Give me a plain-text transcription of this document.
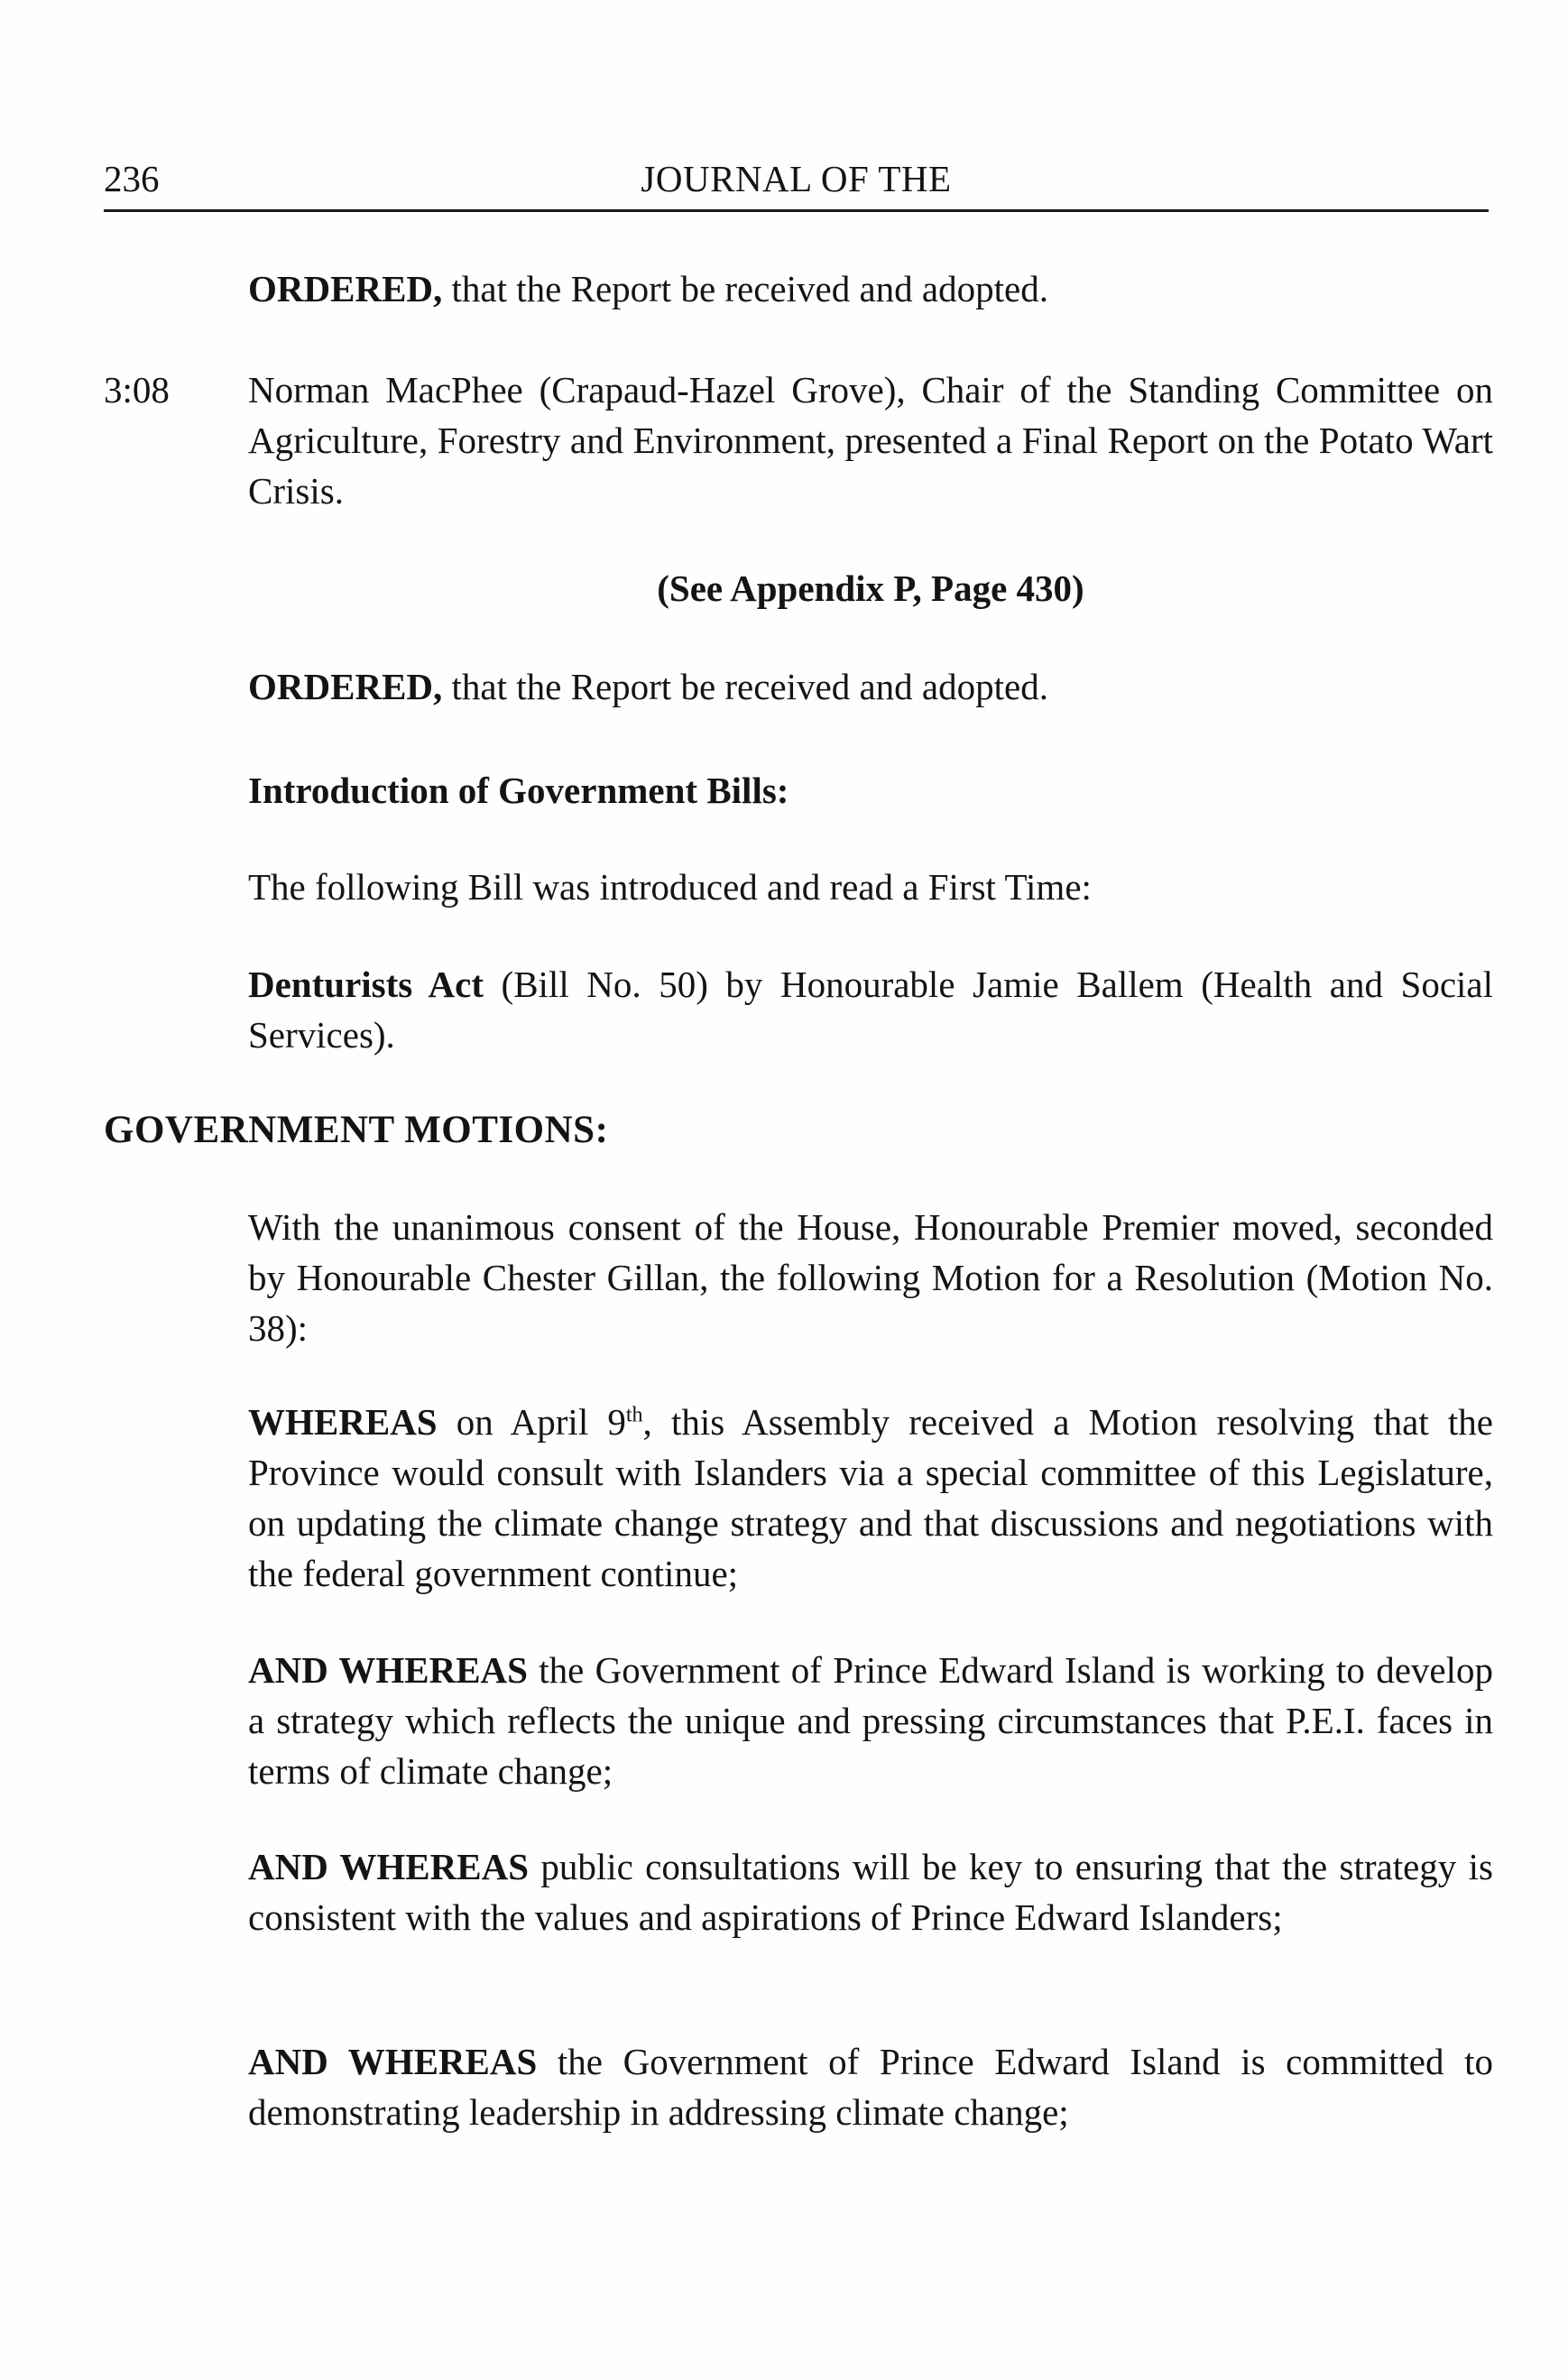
236	JOURNAL OF THE

ORDERED, that the Report be received and adopted.

3:08 Norman MacPhee (Crapaud-Hazel Grove), Chair of the Standing Committee on Agriculture, Forestry and Environment, presented a Final Report on the Potato Wart Crisis.

(See Appendix P, Page 430)

ORDERED, that the Report be received and adopted.

Introduction of Government Bills:

The following Bill was introduced and read a First Time:

Denturists Act (Bill No. 50) by Honourable Jamie Ballem (Health and Social Services).

GOVERNMENT MOTIONS:

With the unanimous consent of the House, Honourable Premier moved, seconded by Honourable Chester Gillan, the following Motion for a Resolution (Motion No. 38):

WHEREAS on April 9th, this Assembly received a Motion resolving that the Province would consult with Islanders via a special committee of this Legislature, on updating the climate change strategy and that discussions and negotiations with the federal government continue;

AND WHEREAS the Government of Prince Edward Island is working to develop a strategy which reflects the unique and pressing circumstances that P.E.I. faces in terms of climate change;

AND WHEREAS public consultations will be key to ensuring that the strategy is consistent with the values and aspirations of Prince Edward Islanders;

AND WHEREAS the Government of Prince Edward Island is committed to demonstrating leadership in addressing climate change;
